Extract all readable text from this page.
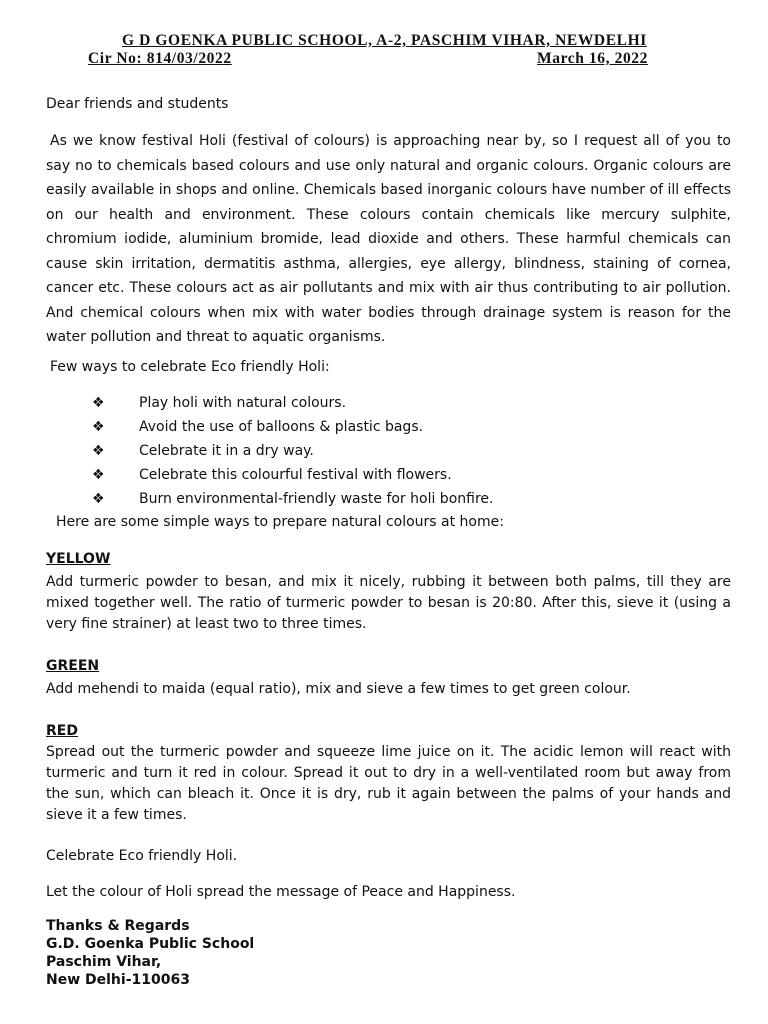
G D GOENKA PUBLIC SCHOOL, A-2, PASCHIM VIHAR, NEWDELHI
Cir No: 814/03/2022	March 16, 2022
Dear friends and students
As we know festival Holi (festival of colours) is approaching near by, so I request all of you to say no to chemicals based colours and use only natural and organic colours. Organic colours are easily available in shops and online. Chemicals based inorganic colours have number of ill effects on our health and environment. These colours contain chemicals like mercury sulphite, chromium iodide, aluminium bromide, lead dioxide and others. These harmful chemicals can cause skin irritation, dermatitis asthma, allergies, eye allergy, blindness, staining of cornea, cancer etc. These colours act as air pollutants and mix with air thus contributing to air pollution. And chemical colours when mix with water bodies through drainage system is reason for the water pollution and threat to aquatic organisms.
Few ways to celebrate Eco friendly Holi:
❖ Play holi with natural colours.
❖ Avoid the use of balloons & plastic bags.
❖ Celebrate it in a dry way.
❖ Celebrate this colourful festival with flowers.
❖ Burn environmental-friendly waste for holi bonfire.
Here are some simple ways to prepare natural colours at home:
YELLOW
Add turmeric powder to besan, and mix it nicely, rubbing it between both palms, till they are mixed together well. The ratio of turmeric powder to besan is 20:80. After this, sieve it (using a very fine strainer) at least two to three times.
GREEN
Add mehendi to maida (equal ratio), mix and sieve a few times to get green colour.
RED
Spread out the turmeric powder and squeeze lime juice on it. The acidic lemon will react with turmeric and turn it red in colour. Spread it out to dry in a well-ventilated room but away from the sun, which can bleach it. Once it is dry, rub it again between the palms of your hands and sieve it a few times.
Celebrate Eco friendly Holi.
Let the colour of Holi spread the message of Peace and Happiness.
Thanks & Regards
G.D. Goenka Public School
Paschim Vihar,
New Delhi-110063
